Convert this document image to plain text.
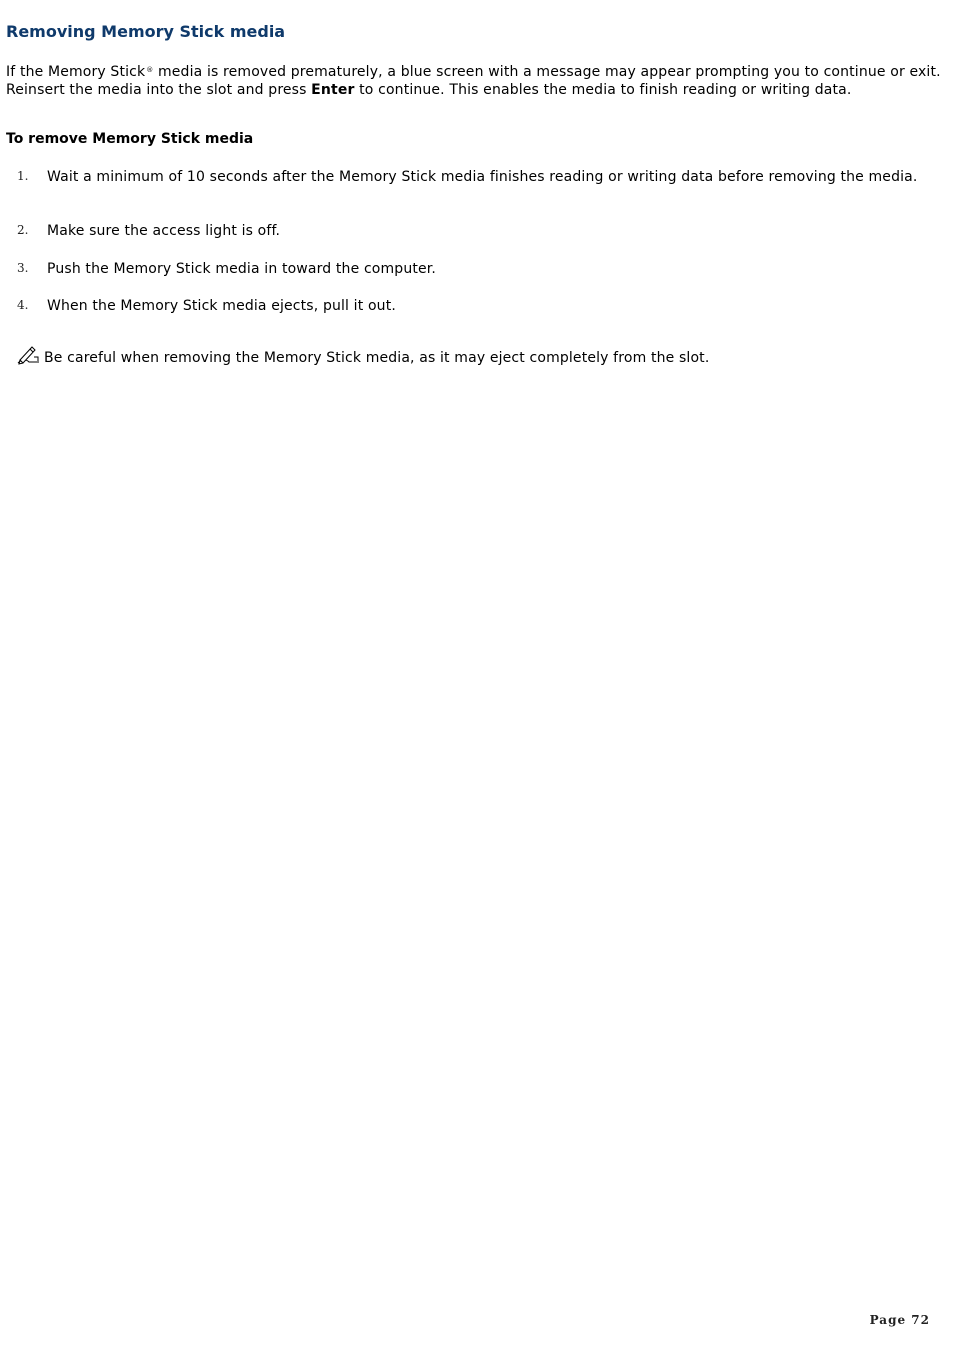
Removing Memory Stick media

If the Memory Stick® media is removed prematurely, a blue screen with a message may appear prompting you to continue or exit. Reinsert the media into the slot and press Enter to continue. This enables the media to finish reading or writing data.

To remove Memory Stick media
1. Wait a minimum of 10 seconds after the Memory Stick media finishes reading or writing data before removing the media.
2. Make sure the access light is off.
3. Push the Memory Stick media in toward the computer.
4. When the Memory Stick media ejects, pull it out.
Be careful when removing the Memory Stick media, as it may eject completely from the slot.
Page 72
